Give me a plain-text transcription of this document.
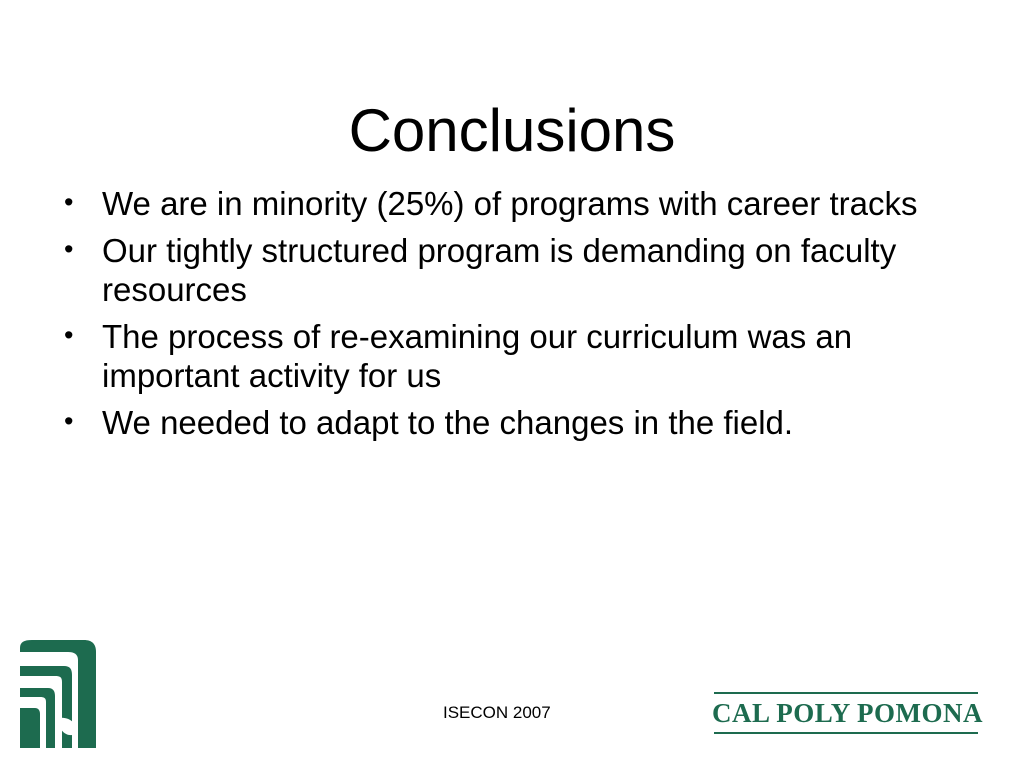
Conclusions
• We are in minority (25%) of programs with career tracks
• Our tightly structured program is demanding on faculty resources
• The process of re-examining our curriculum was an important activity for us
• We needed to adapt to the changes in the field.
ISECON 2007	CAL POLY POMONA
